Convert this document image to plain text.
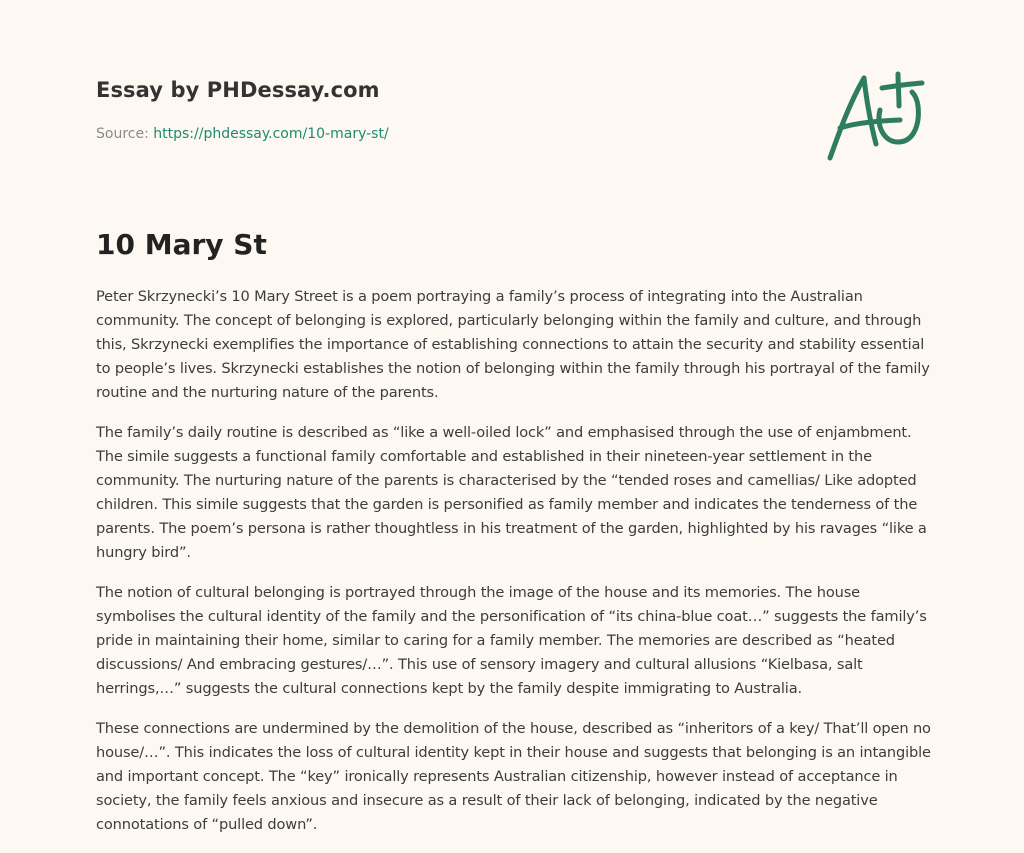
Essay by PHDessay.com
Source: https://phdessay.com/10-mary-st/
10 Mary St

Peter Skrzynecki’s 10 Mary Street is a poem portraying a family’s process of integrating into the Australian community. The concept of belonging is explored, particularly belonging within the family and culture, and through this, Skrzynecki exemplifies the importance of establishing connections to attain the security and stability essential to people’s lives. Skrzynecki establishes the notion of belonging within the family through his portrayal of the family routine and the nurturing nature of the parents.

The family’s daily routine is described as “like a well-oiled lock” and emphasised through the use of enjambment. The simile suggests a functional family comfortable and established in their nineteen-year settlement in the community. The nurturing nature of the parents is characterised by the “tended roses and camellias/ Like adopted children. This simile suggests that the garden is personified as family member and indicates the tenderness of the parents. The poem’s persona is rather thoughtless in his treatment of the garden, highlighted by his ravages “like a hungry bird”.

The notion of cultural belonging is portrayed through the image of the house and its memories. The house symbolises the cultural identity of the family and the personification of “its china-blue coat…” suggests the family’s pride in maintaining their home, similar to caring for a family member. The memories are described as “heated discussions/ And embracing gestures/…”. This use of sensory imagery and cultural allusions “Kielbasa, salt herrings,…” suggests the cultural connections kept by the family despite immigrating to Australia.

These connections are undermined by the demolition of the house, described as “inheritors of a key/ That’ll open no house/…”. This indicates the loss of cultural identity kept in their house and suggests that belonging is an intangible and important concept. The “key” ironically represents Australian citizenship, however instead of acceptance in society, the family feels anxious and insecure as a result of their lack of belonging, indicated by the negative connotations of “pulled down”.
